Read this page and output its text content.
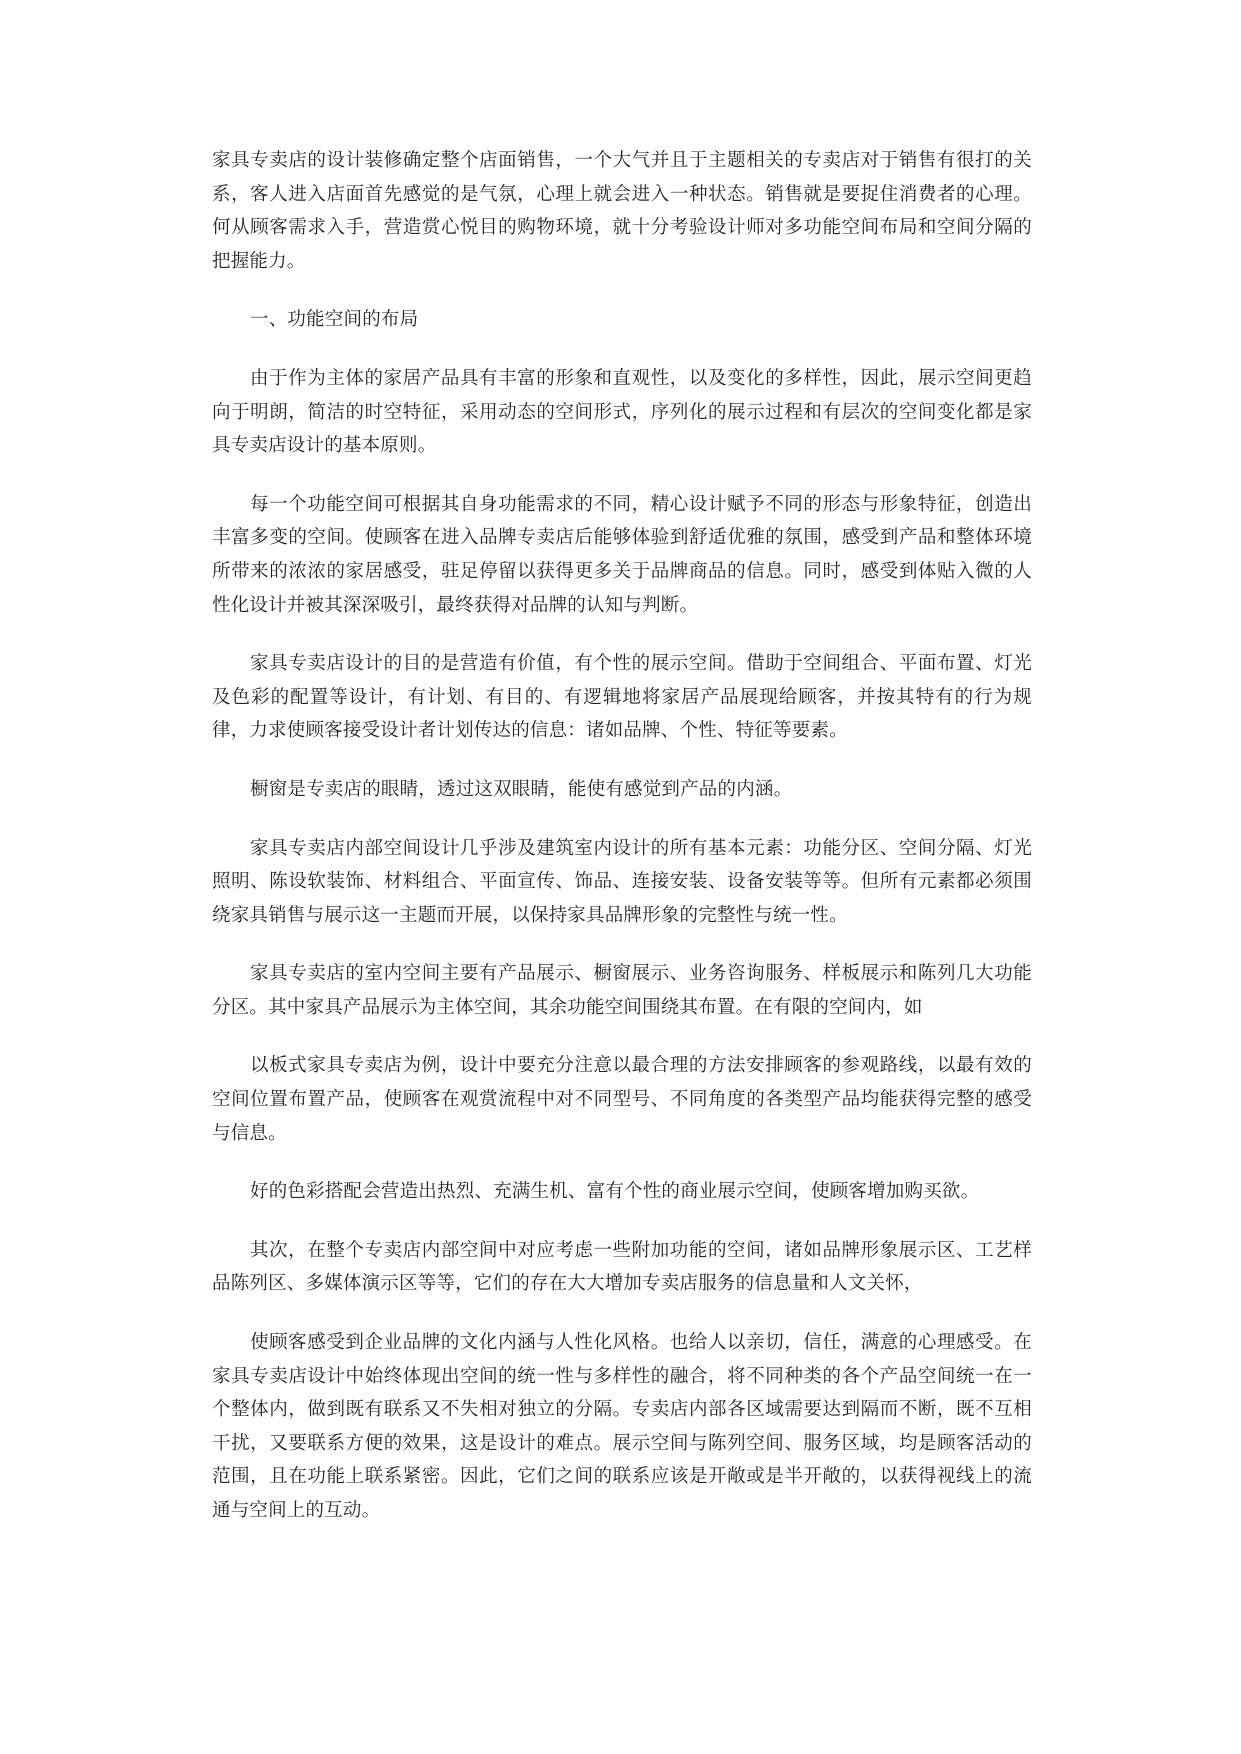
家具专卖店的设计装修确定整个店面销售，一个大气并且于主题相关的专卖店对于销售有很打的关系，客人进入店面首先感觉的是气氛，心理上就会进入一种状态。销售就是要捉住消费者的心理。何从顾客需求入手，营造赏心悦目的购物环境，就十分考验设计师对多功能空间布局和空间分隔的把握能力。

一、功能空间的布局

由于作为主体的家居产品具有丰富的形象和直观性，以及变化的多样性，因此，展示空间更趋向于明朗，简洁的时空特征，采用动态的空间形式，序列化的展示过程和有层次的空间变化都是家具专卖店设计的基本原则。

每一个功能空间可根据其自身功能需求的不同，精心设计赋予不同的形态与形象特征，创造出丰富多变的空间。使顾客在进入品牌专卖店后能够体验到舒适优雅的氛围，感受到产品和整体环境所带来的浓浓的家居感受，驻足停留以获得更多关于品牌商品的信息。同时，感受到体贴入微的人性化设计并被其深深吸引，最终获得对品牌的认知与判断。

家具专卖店设计的目的是营造有价值，有个性的展示空间。借助于空间组合、平面布置、灯光及色彩的配置等设计，有计划、有目的、有逻辑地将家居产品展现给顾客，并按其特有的行为规律，力求使顾客接受设计者计划传达的信息：诸如品牌、个性、特征等要素。

橱窗是专卖店的眼睛，透过这双眼睛，能使有感觉到产品的内涵。

家具专卖店内部空间设计几乎涉及建筑室内设计的所有基本元素：功能分区、空间分隔、灯光照明、陈设软装饰、材料组合、平面宣传、饰品、连接安装、设备安装等等。但所有元素都必须围绕家具销售与展示这一主题而开展，以保持家具品牌形象的完整性与统一性。

家具专卖店的室内空间主要有产品展示、橱窗展示、业务咨询服务、样板展示和陈列几大功能分区。其中家具产品展示为主体空间，其余功能空间围绕其布置。在有限的空间内，如

以板式家具专卖店为例，设计中要充分注意以最合理的方法安排顾客的参观路线，以最有效的空间位置布置产品，使顾客在观赏流程中对不同型号、不同角度的各类型产品均能获得完整的感受与信息。

好的色彩搭配会营造出热烈、充满生机、富有个性的商业展示空间，使顾客增加购买欲。

其次，在整个专卖店内部空间中对应考虑一些附加功能的空间，诸如品牌形象展示区、工艺样品陈列区、多媒体演示区等等，它们的存在大大增加专卖店服务的信息量和人文关怀，

使顾客感受到企业品牌的文化内涵与人性化风格。也给人以亲切，信任，满意的心理感受。在家具专卖店设计中始终体现出空间的统一性与多样性的融合，将不同种类的各个产品空间统一在一个整体内，做到既有联系又不失相对独立的分隔。专卖店内部各区域需要达到隔而不断，既不互相干扰，又要联系方便的效果，这是设计的难点。展示空间与陈列空间、服务区域，均是顾客活动的范围，且在功能上联系紧密。因此，它们之间的联系应该是开敞或是半开敞的，以获得视线上的流通与空间上的互动。
